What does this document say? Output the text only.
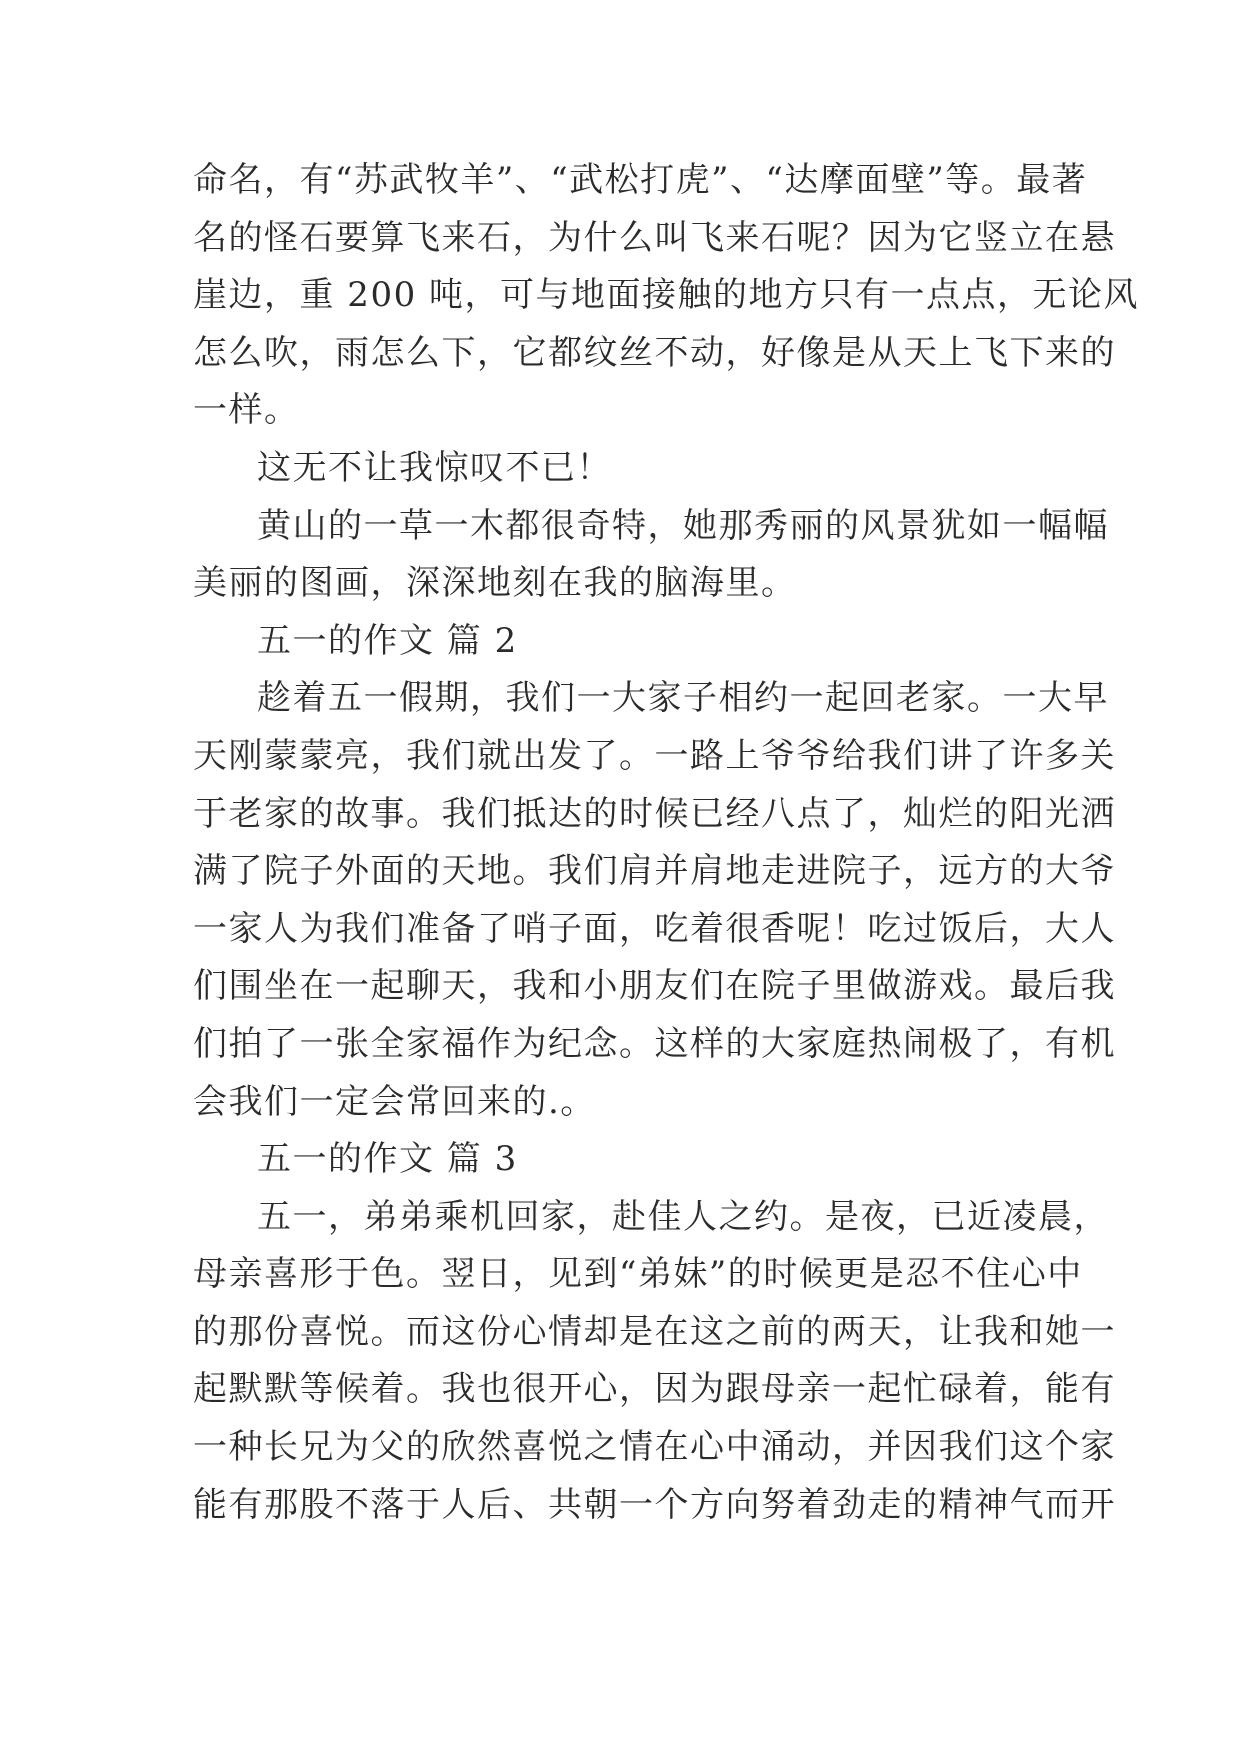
命名，有“苏武牧羊”、“武松打虎”、“达摩面壁”等。最著
名的怪石要算飞来石，为什么叫飞来石呢？因为它竖立在悬
崖边，重 200 吨，可与地面接触的地方只有一点点，无论风
怎么吹，雨怎么下，它都纹丝不动，好像是从天上飞下来的
一样。
这无不让我惊叹不已！
黄山的一草一木都很奇特，她那秀丽的风景犹如一幅幅
美丽的图画，深深地刻在我的脑海里。
五一的作文 篇 2
趁着五一假期，我们一大家子相约一起回老家。一大早
天刚蒙蒙亮，我们就出发了。一路上爷爷给我们讲了许多关
于老家的故事。我们抵达的时候已经八点了，灿烂的阳光洒
满了院子外面的天地。我们肩并肩地走进院子，远方的大爷
一家人为我们准备了哨子面，吃着很香呢！吃过饭后，大人
们围坐在一起聊天，我和小朋友们在院子里做游戏。最后我
们拍了一张全家福作为纪念。这样的大家庭热闹极了，有机
会我们一定会常回来的.。
五一的作文 篇 3
五一，弟弟乘机回家，赴佳人之约。是夜，已近凌晨，
母亲喜形于色。翌日，见到“弟妹”的时候更是忍不住心中
的那份喜悦。而这份心情却是在这之前的两天，让我和她一
起默默等候着。我也很开心，因为跟母亲一起忙碌着，能有
一种长兄为父的欣然喜悦之情在心中涌动，并因我们这个家
能有那股不落于人后、共朝一个方向努着劲走的精神气而开
